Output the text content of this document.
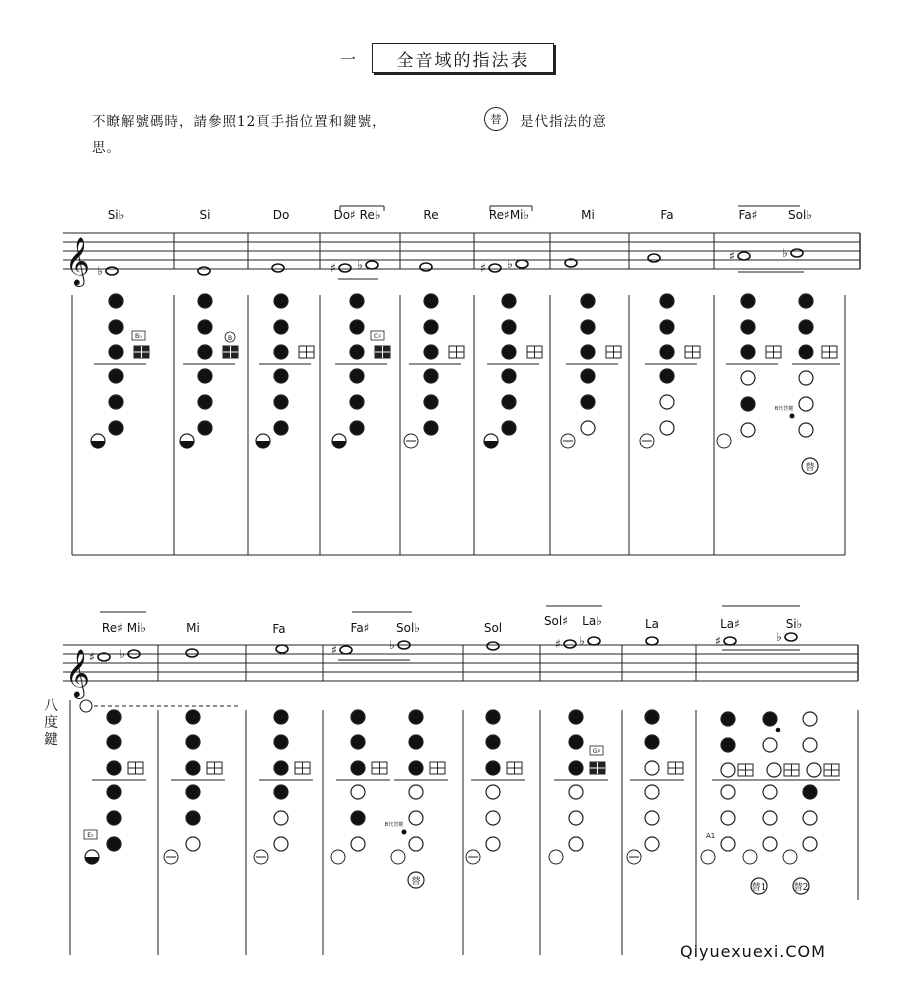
一	全音域的指法表
不瞭解號碼時，請參照12頁手指位置和鍵號，	替	是代指法的意
思。
𝄞
Si♭	Si	Do	Do♯ Re♭	Re	Re♯Mi♭	Mi	Fa	Fa♯	Sol♭
♭	♯ ♭	♯ ♭
♯	♭
B♭	B	C♯
B代替鍵
替
𝄞
Re♯ Mi♭	Mi	Fa	Fa♯ Sol♭	Sol	Sol♯ La♭	La	La♯	Si♭
♯ ♭	♯	♭	♯ ♭	♯	♭
E♭
B代替鍵
替
G♯
A1
替1	替2
八度鍵
Qiyuexuexi.COM
